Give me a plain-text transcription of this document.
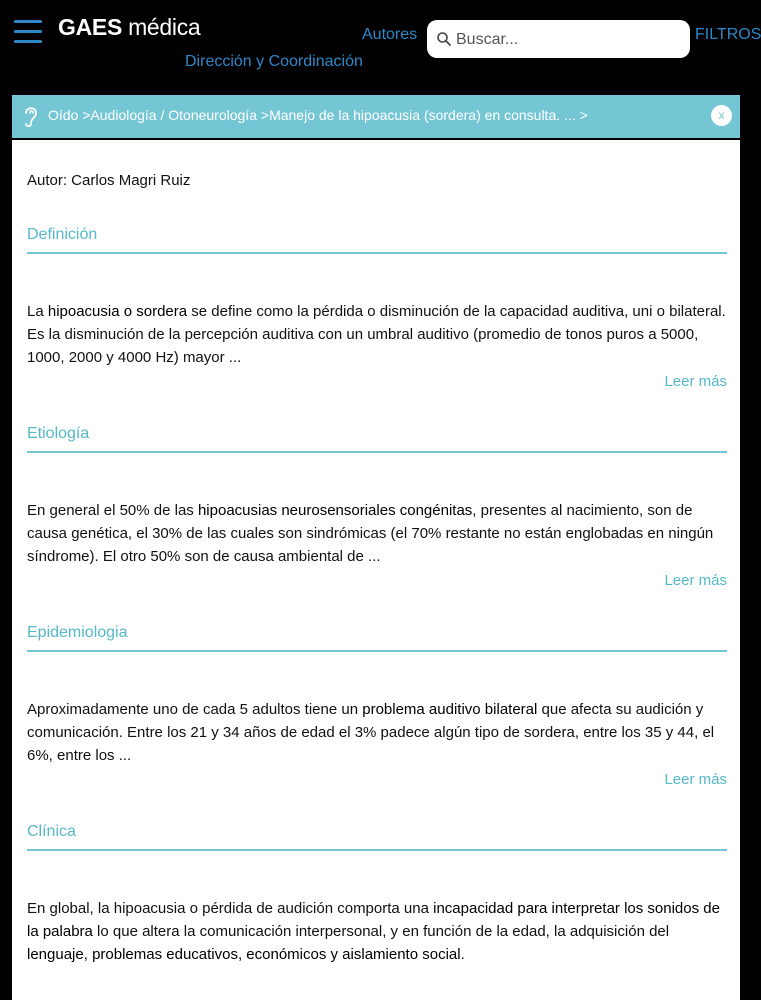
GAES médica	Autores
Dirección y Coordinación
Buscar...
FILTROS
Oído >Audiología / Otoneurología >Manejo de la hipoacusia (sordera) en consulta. ... >	x
Autor: Carlos Magri Ruiz
Definición

La hipoacusia o sordera se define como la pérdida o disminución de la capacidad auditiva, uni o bilateral. Es la disminución de la percepción auditiva con un umbral auditivo (promedio de tonos puros a 5000, 1000, 2000 y 4000 Hz) mayor ...

Leer más
Etiología

En general el 50% de las hipoacusias neurosensoriales congénitas, presentes al nacimiento, son de causa genética, el 30% de las cuales son sindrómicas (el 70% restante no están englobadas en ningún síndrome). El otro 50% son de causa ambiental de ...

Leer más
Epidemiologia

Aproximadamente uno de cada 5 adultos tiene un problema auditivo bilateral que afecta su audición y comunicación. Entre los 21 y 34 años de edad el 3% padece algún tipo de sordera, entre los 35 y 44, el 6%, entre los ...

Leer más
Clínica

En global, la hipoacusia o pérdida de audición comporta una incapacidad para interpretar los sonidos de la palabra lo que altera la comunicación interpersonal, y en función de la edad, la adquisición del lenguaje, problemas educativos, económicos y aislamiento social.
